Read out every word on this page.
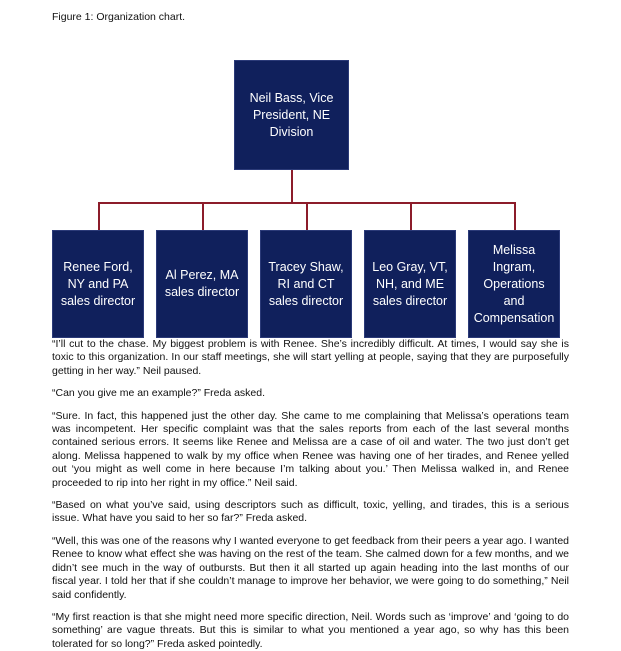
Figure 1: Organization chart.
Neil Bass, Vice President, NE Division
Renee Ford, NY and PA sales director
Al Perez, MA sales director
Tracey Shaw, RI and CT sales director
Leo Gray, VT, NH, and ME sales director
Melissa Ingram, Operations and Compensation

“I’ll cut to the chase. My biggest problem is with Renee. She’s incredibly difficult. At times, I would say she is toxic to this organization. In our staff meetings, she will start yelling at people, saying that they are purposefully getting in her way.” Neil paused.

“Can you give me an example?” Freda asked.

“Sure. In fact, this happened just the other day. She came to me complaining that Melissa’s operations team was incompetent. Her specific complaint was that the sales reports from each of the last several months contained serious errors. It seems like Renee and Melissa are a case of oil and water. The two just don’t get along. Melissa happened to walk by my office when Renee was having one of her tirades, and Renee yelled out ‘you might as well come in here because I’m talking about you.’ Then Melissa walked in, and Renee proceeded to rip into her right in my office.” Neil said.

“Based on what you’ve said, using descriptors such as difficult, toxic, yelling, and tirades, this is a serious issue. What have you said to her so far?” Freda asked.

“Well, this was one of the reasons why I wanted everyone to get feedback from their peers a year ago. I wanted Renee to know what effect she was having on the rest of the team. She calmed down for a few months, and we didn’t see much in the way of outbursts. But then it all started up again heading into the last months of our fiscal year. I told her that if she couldn’t manage to improve her behavior, we were going to do something,” Neil said confidently.

“My first reaction is that she might need more specific direction, Neil. Words such as ‘improve’ and ‘going to do something’ are vague threats. But this is similar to what you mentioned a year ago, so why has this been tolerated for so long?” Freda asked pointedly.
